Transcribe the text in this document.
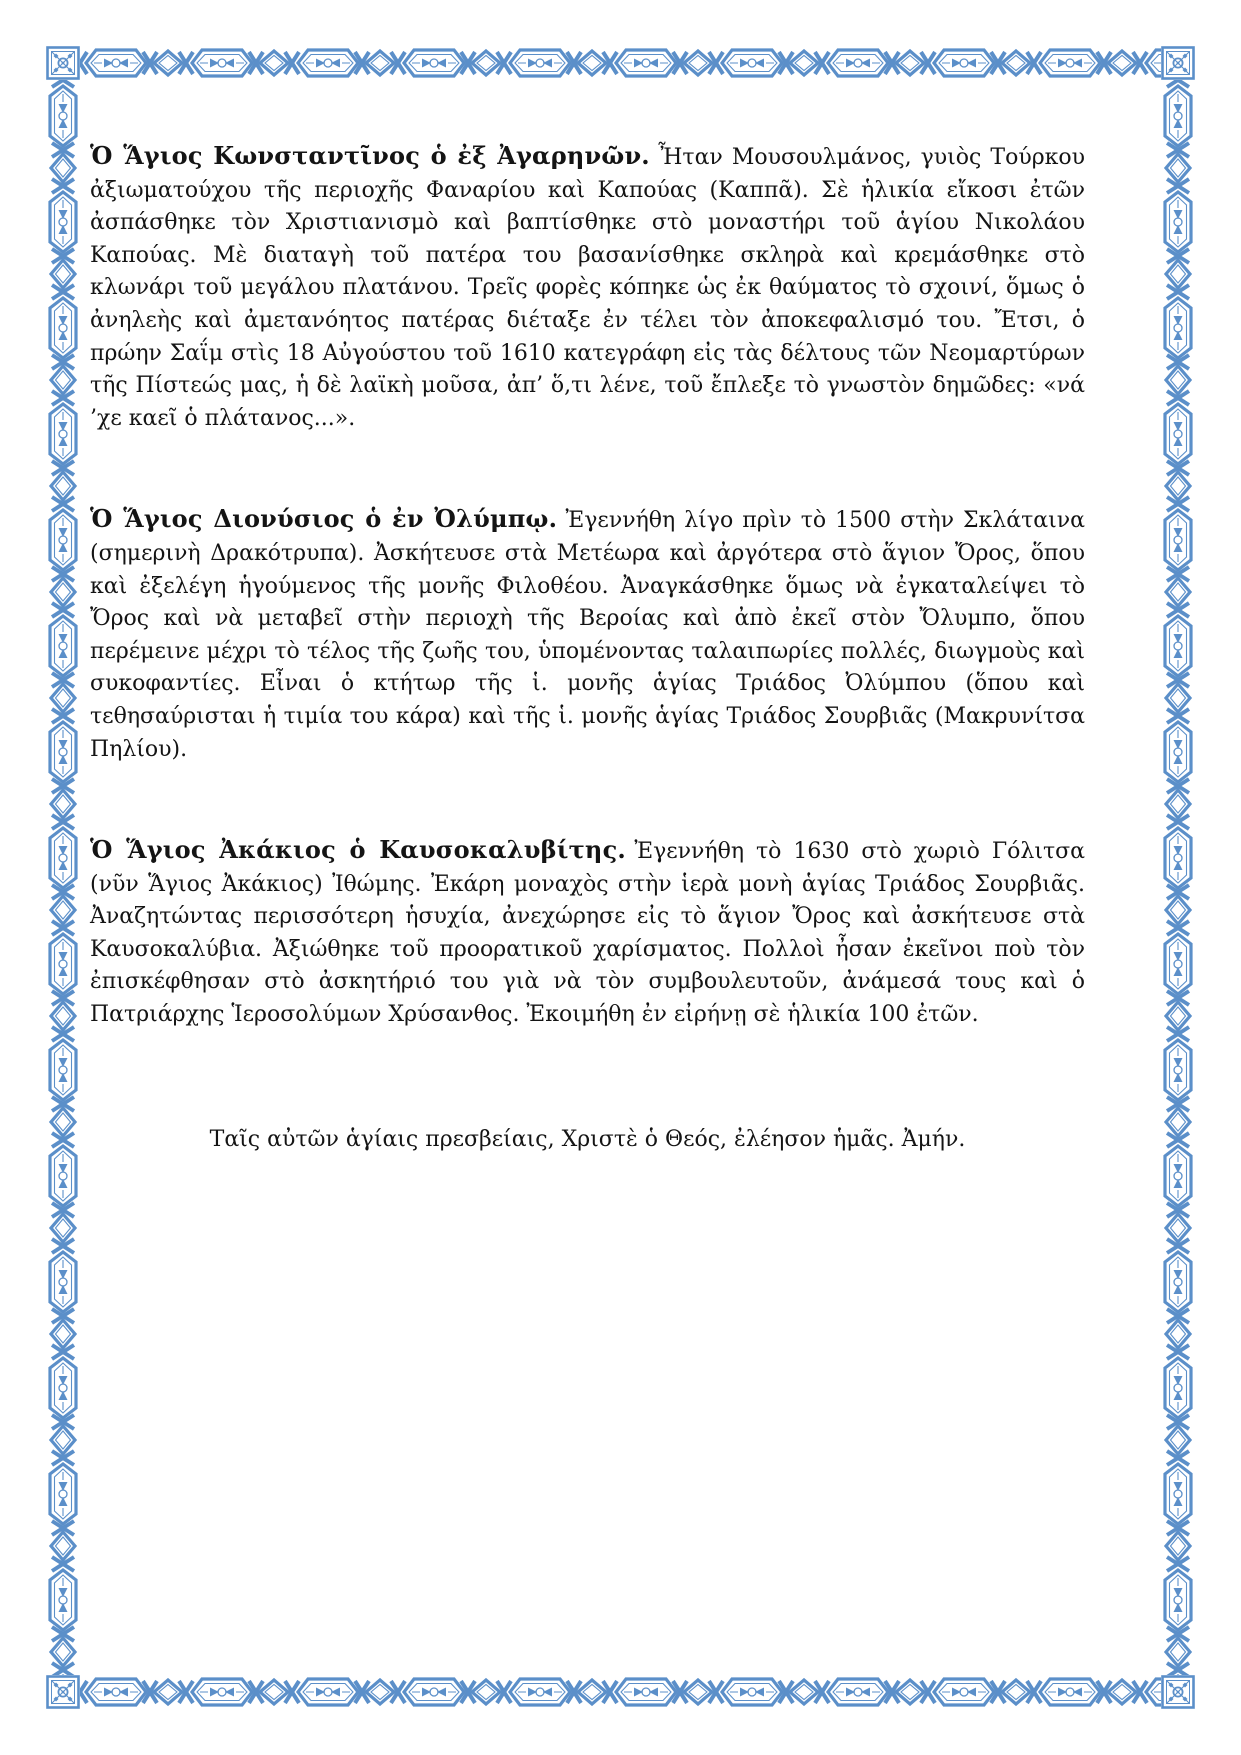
Ὁ Ἅγιος Κωνσταντῖνος ὁ ἐξ Ἀγαρηνῶν. Ἦταν Μουσουλμάνος, γυιὸς Τούρκου ἀξιωματούχου τῆς περιοχῆς Φαναρίου καὶ Καπούας (Καππᾶ). Σὲ ἡλικία εἴκοσι ἐτῶν ἀσπάσθηκε τὸν Χριστιανισμὸ καὶ βαπτίσθηκε στὸ μοναστήρι τοῦ ἁγίου Νικολάου Καπούας. Μὲ διαταγὴ τοῦ πατέρα του βασανίσθηκε σκληρὰ καὶ κρεμάσθηκε στὸ κλωνάρι τοῦ μεγάλου πλατάνου. Τρεῖς φορὲς κόπηκε ὡς ἐκ θαύματος τὸ σχοινί, ὅμως ὁ ἀνηλεὴς καὶ ἀμετανόητος πατέρας διέταξε ἐν τέλει τὸν ἀποκεφαλισμό του. Ἔτσι, ὁ πρώην Σαΐμ στὶς 18 Αὐγούστου τοῦ 1610 κατεγράφη εἰς τὰς δέλτους τῶν Νεομαρτύρων τῆς Πίστεώς μας, ἡ δὲ λαϊκὴ μοῦσα, ἀπ’ ὅ,τι λένε, τοῦ ἔπλεξε τὸ γνωστὸν δημῶδες: «νά ’χε καεῖ ὁ πλάτανος...».

Ὁ Ἅγιος Διονύσιος ὁ ἐν Ὀλύμπῳ. Ἐγεννήθη λίγο πρὶν τὸ 1500 στὴν Σκλάταινα (σημερινὴ Δρακότρυπα). Ἀσκήτευσε στὰ Μετέωρα καὶ ἀργότερα στὸ ἅγιον Ὄρος, ὅπου καὶ ἐξελέγη ἡγούμενος τῆς μονῆς Φιλοθέου. Ἀναγκάσθηκε ὅμως νὰ ἐγκαταλείψει τὸ Ὄρος καὶ νὰ μεταβεῖ στὴν περιοχὴ τῆς Βεροίας καὶ ἀπὸ ἐκεῖ στὸν Ὄλυμπο, ὅπου περέμεινε μέχρι τὸ τέλος τῆς ζωῆς του, ὑπομένοντας ταλαιπωρίες πολλές, διωγμοὺς καὶ συκοφαντίες. Εἶναι ὁ κτήτωρ τῆς ἱ. μονῆς ἁγίας Τριάδος Ὀλύμπου (ὅπου καὶ τεθησαύρισται ἡ τιμία του κάρα) καὶ τῆς ἱ. μονῆς ἁγίας Τριάδος Σουρβιᾶς (Μακρυνίτσα Πηλίου).

Ὁ Ἅγιος Ἀκάκιος ὁ Καυσοκαλυβίτης. Ἐγεννήθη τὸ 1630 στὸ χωριὸ Γόλιτσα (νῦν Ἅγιος Ἀκάκιος) Ἰθώμης. Ἐκάρη μοναχὸς στὴν ἱερὰ μονὴ ἁγίας Τριάδος Σουρβιᾶς. Ἀναζητώντας περισσότερη ἡσυχία, ἀνεχώρησε εἰς τὸ ἅγιον Ὄρος καὶ ἀσκήτευσε στὰ Καυσοκαλύβια. Ἀξιώθηκε τοῦ προορατικοῦ χαρίσματος. Πολλοὶ ἦσαν ἐκεῖνοι ποὺ τὸν ἐπισκέφθησαν στὸ ἀσκητήριό του γιὰ νὰ τὸν συμβουλευτοῦν, ἀνάμεσά τους καὶ ὁ Πατριάρχης Ἱεροσολύμων Χρύσανθος. Ἐκοιμήθη ἐν εἰρήνῃ σὲ ἡλικία 100 ἐτῶν.

Ταῖς αὐτῶν ἁγίαις πρεσβείαις, Χριστὲ ὁ Θεός, ἐλέησον ἡμᾶς. Ἀμήν.
